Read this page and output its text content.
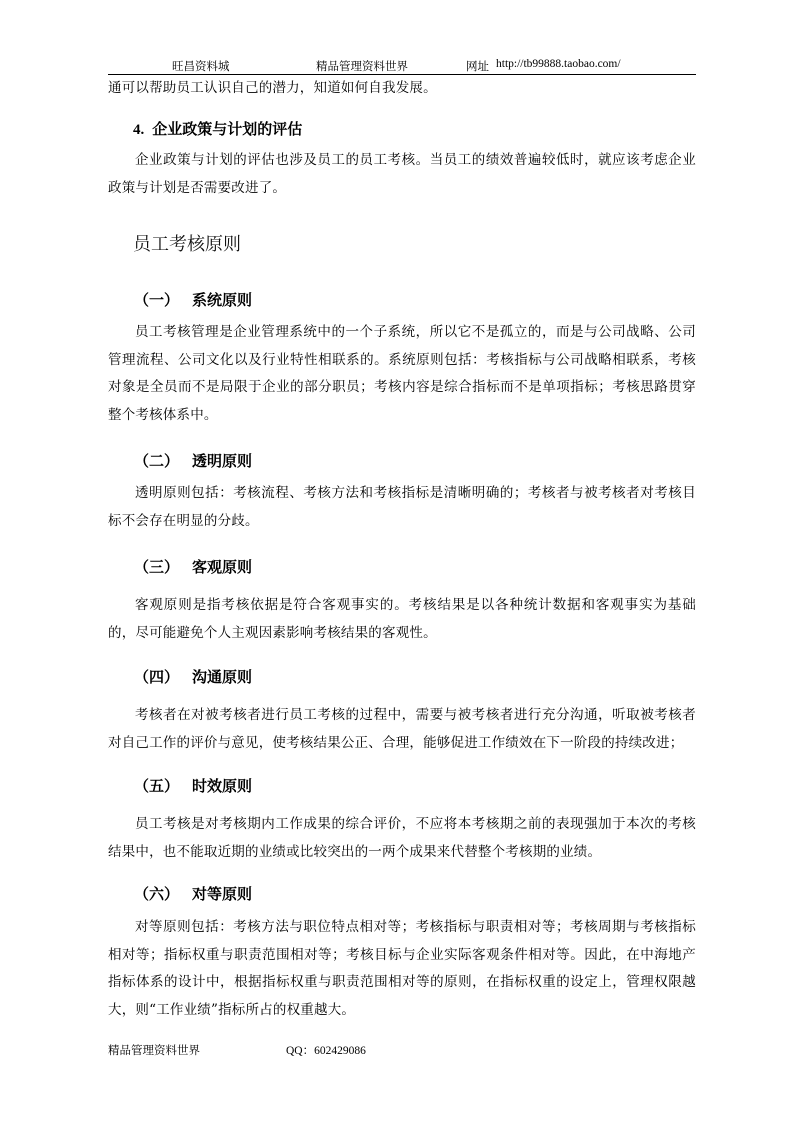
旺昌资料城	精品管理资料世界	网址 http://tb99888.taobao.com/

通可以帮助员工认识自己的潜力，知道如何自我发展。

4. 企业政策与计划的评估

企业政策与计划的评估也涉及员工的员工考核。当员工的绩效普遍较低时，就应该考虑企业政策与计划是否需要改进了。

员工考核原则
（一） 系统原则

员工考核管理是企业管理系统中的一个子系统，所以它不是孤立的，而是与公司战略、公司管理流程、公司文化以及行业特性相联系的。系统原则包括：考核指标与公司战略相联系，考核对象是全员而不是局限于企业的部分职员；考核内容是综合指标而不是单项指标；考核思路贯穿整个考核体系中。

（二） 透明原则

透明原则包括：考核流程、考核方法和考核指标是清晰明确的；考核者与被考核者对考核目标不会存在明显的分歧。

（三） 客观原则

客观原则是指考核依据是符合客观事实的。考核结果是以各种统计数据和客观事实为基础的，尽可能避免个人主观因素影响考核结果的客观性。

（四） 沟通原则

考核者在对被考核者进行员工考核的过程中，需要与被考核者进行充分沟通，听取被考核者对自己工作的评价与意见，使考核结果公正、合理，能够促进工作绩效在下一阶段的持续改进；

（五） 时效原则

员工考核是对考核期内工作成果的综合评价，不应将本考核期之前的表现强加于本次的考核结果中，也不能取近期的业绩或比较突出的一两个成果来代替整个考核期的业绩。

（六） 对等原则

对等原则包括：考核方法与职位特点相对等；考核指标与职责相对等；考核周期与考核指标相对等；指标权重与职责范围相对等；考核目标与企业实际客观条件相对等。因此，在中海地产指标体系的设计中，根据指标权重与职责范围相对等的原则，在指标权重的设定上，管理权限越大，则“工作业绩”指标所占的权重越大。

精品管理资料世界	QQ：602429086
